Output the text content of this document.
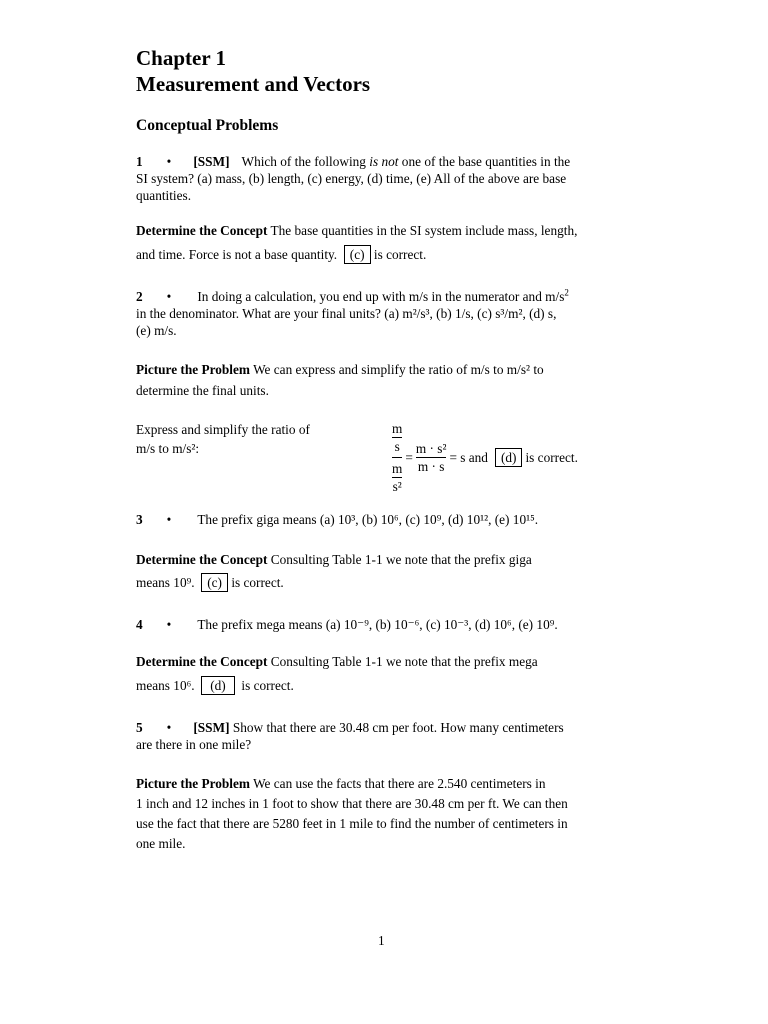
Chapter 1
Measurement and Vectors
Conceptual Problems
1 • [SSM] Which of the following is not one of the base quantities in the
SI system? (a) mass, (b) length, (c) energy, (d) time, (e) All of the above are base
quantities.
Determine the Concept The base quantities in the SI system include mass, length,
and time. Force is not a base quantity. (c) is correct.
2 • In doing a calculation, you end up with m/s in the numerator and $m/s^2$
in the denominator. What are your final units? (a) m²/s³, (b) 1/s, (c) s³/m², (d) s,
(e) m/s.
Picture the Problem We can express and simplify the ratio of m/s to m/s² to
determine the final units.
Express and simplify the ratio of
m/s to m/s²:	$\frac{\frac{m}{s}}{\frac{m}{\text{s²}}} = \frac{\text{m · s²}}{m \cdot s} = s$ and (d) is correct.
3 • The prefix giga means (a) 10³, (b) 10⁶, (c) 10⁹, (d) 10¹², (e) 10¹⁵.
Determine the Concept Consulting Table 1-1 we note that the prefix giga
means 10⁹. (c) is correct.
4 • The prefix mega means (a) 10⁻⁹, (b) 10⁻⁶, (c) 10⁻³, (d) 10⁶, (e) 10⁹.
Determine the Concept Consulting Table 1-1 we note that the prefix mega
means 10⁶. (d) is correct.
5 • [SSM] Show that there are 30.48 cm per foot. How many centimeters
are there in one mile?
Picture the Problem We can use the facts that there are 2.540 centimeters in
1 inch and 12 inches in 1 foot to show that there are 30.48 cm per ft. We can then
use the fact that there are 5280 feet in 1 mile to find the number of centimeters in
one mile.
1
